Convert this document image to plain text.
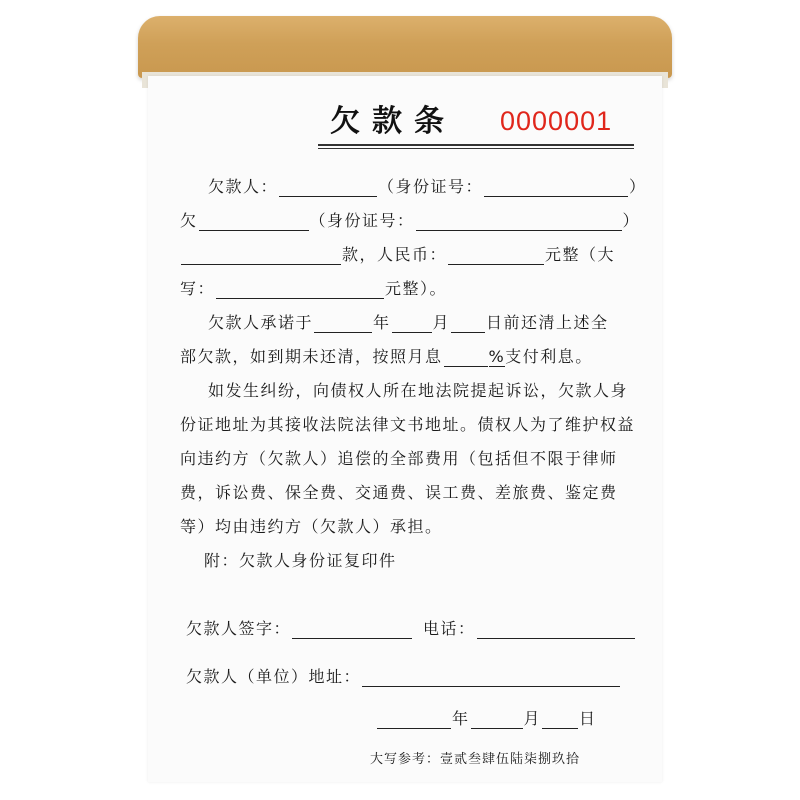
欠款条 0000001
欠款人：	（身份证号：	）
欠	（身份证号：	）
款，人民币：	元整（大
写：	元整）。
欠款人承诺于	年	月 日前还清上述全
部欠款，如到期未还清，按照月息	%支付利息。
如发生纠纷，向债权人所在地法院提起诉讼，欠款人身
份证地址为其接收法院法律文书地址。债权人为了维护权益
向违约方（欠款人）追偿的全部费用（包括但不限于律师
费，诉讼费、保全费、交通费、误工费、差旅费、鉴定费
等）均由违约方（欠款人）承担。
附：欠款人身份证复印件
欠款人签字：	电话：
欠款人（单位）地址：
年	月 日
大写参考：壹贰叁肆伍陆柒捌玖拾
